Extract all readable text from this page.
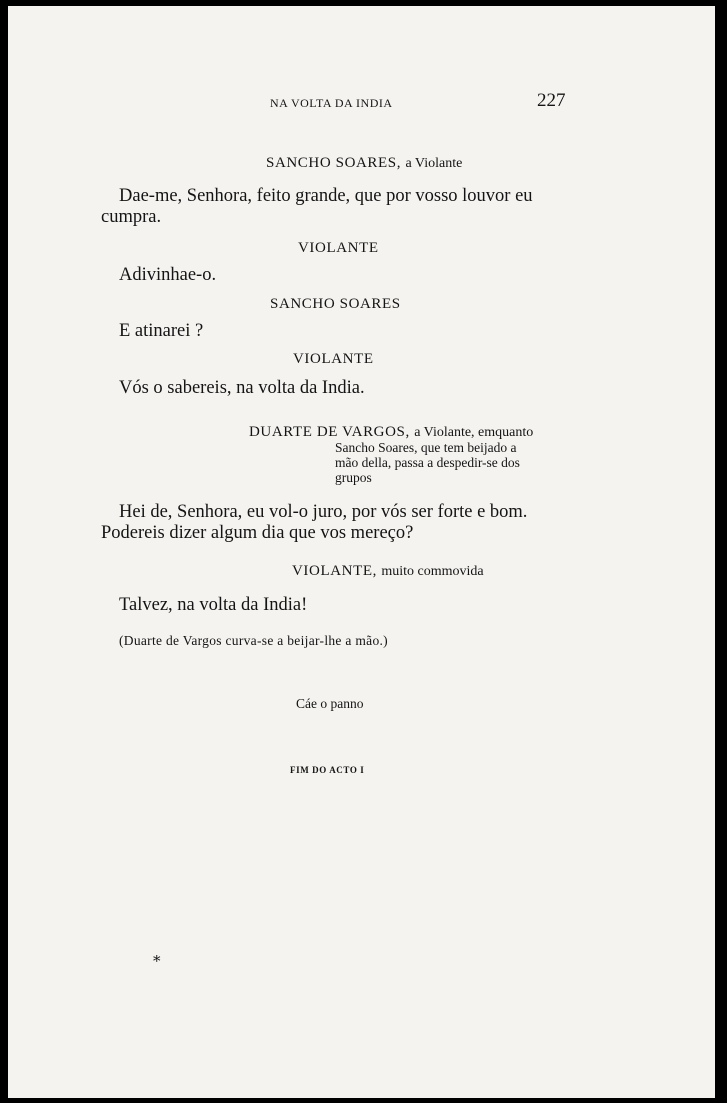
NA VOLTA DA INDIA	227
SANCHO SOARES, a Violante
Dae-me, Senhora, feito grande, que por vosso louvor eu
cumpra.
VIOLANTE
Adivinhae-o.
SANCHO SOARES
E atinarei ?
VIOLANTE
Vós o sabereis, na volta da India.
DUARTE DE VARGOS, a Violante, emquanto
Sancho Soares, que tem beijado a
mão della, passa a despedir-se dos
grupos
Hei de, Senhora, eu vol-o juro, por vós ser forte e bom.
Podereis dizer algum dia que vos mereço?
VIOLANTE, muito commovida
Talvez, na volta da India!
(Duarte de Vargos curva-se a beijar-lhe a mão.)
Cáe o panno
FIM DO ACTO I
*
